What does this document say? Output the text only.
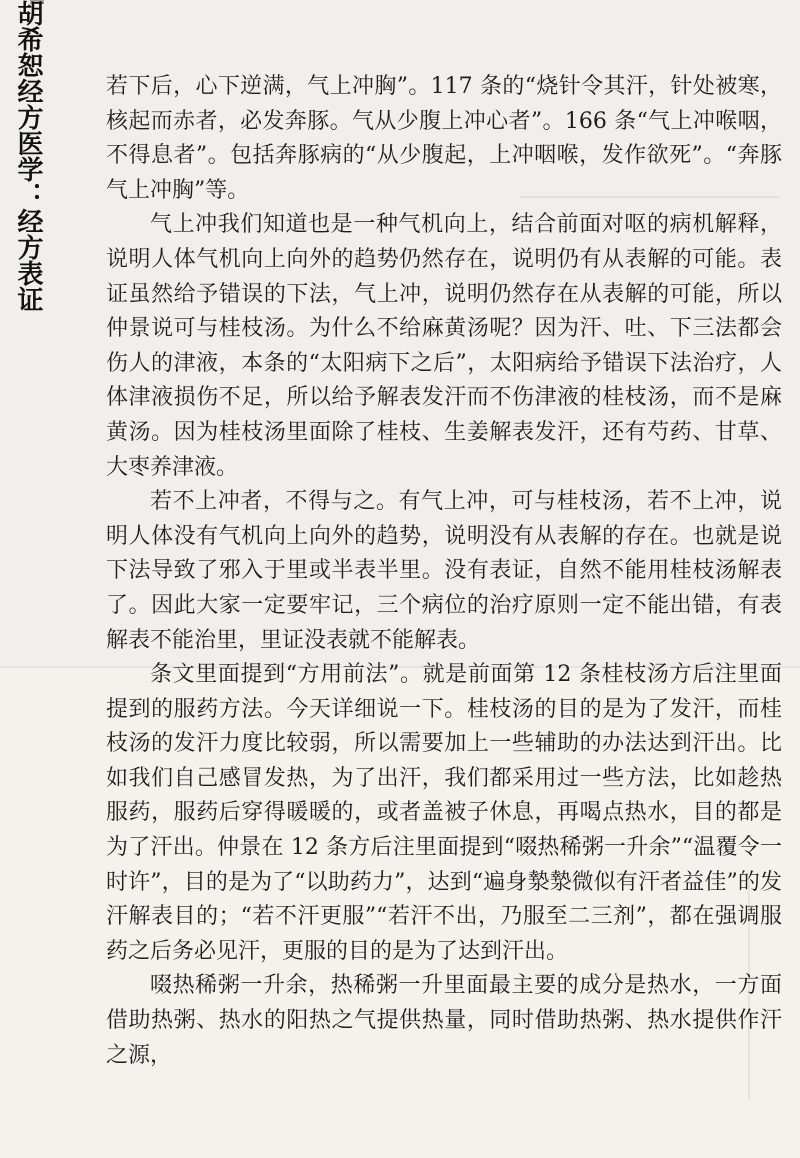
胡希恕经方医学：经方表证	若下后，心下逆满，气上冲胸”。117 条的“烧针令其汗，针处被寒，核起而赤者，必发奔豚。气从少腹上冲心者”。166 条“气上冲喉咽，不得息者”。包括奔豚病的“从少腹起，上冲咽喉，发作欲死”。“奔豚气上冲胸”等。

气上冲我们知道也是一种气机向上，结合前面对呕的病机解释，说明人体气机向上向外的趋势仍然存在，说明仍有从表解的可能。表证虽然给予错误的下法，气上冲，说明仍然存在从表解的可能，所以仲景说可与桂枝汤。为什么不给麻黄汤呢？因为汗、吐、下三法都会伤人的津液，本条的“太阳病下之后”，太阳病给予错误下法治疗，人体津液损伤不足，所以给予解表发汗而不伤津液的桂枝汤，而不是麻黄汤。因为桂枝汤里面除了桂枝、生姜解表发汗，还有芍药、甘草、大枣养津液。

若不上冲者，不得与之。有气上冲，可与桂枝汤，若不上冲，说明人体没有气机向上向外的趋势，说明没有从表解的存在。也就是说下法导致了邪入于里或半表半里。没有表证，自然不能用桂枝汤解表了。因此大家一定要牢记，三个病位的治疗原则一定不能出错，有表解表不能治里，里证没表就不能解表。

条文里面提到“方用前法”。就是前面第 12 条桂枝汤方后注里面提到的服药方法。今天详细说一下。桂枝汤的目的是为了发汗，而桂枝汤的发汗力度比较弱，所以需要加上一些辅助的办法达到汗出。比如我们自己感冒发热，为了出汗，我们都采用过一些方法，比如趁热服药，服药后穿得暖暖的，或者盖被子休息，再喝点热水，目的都是为了汗出。仲景在 12 条方后注里面提到“啜热稀粥一升余”“温覆令一时许”，目的是为了“以助药力”，达到“遍身漐漐微似有汗者益佳”的发汗解表目的；“若不汗更服”“若汗不出，乃服至二三剂”，都在强调服药之后务必见汗，更服的目的是为了达到汗出。

啜热稀粥一升余，热稀粥一升里面最主要的成分是热水，一方面借助热粥、热水的阳热之气提供热量，同时借助热粥、热水提供作汗之源，
